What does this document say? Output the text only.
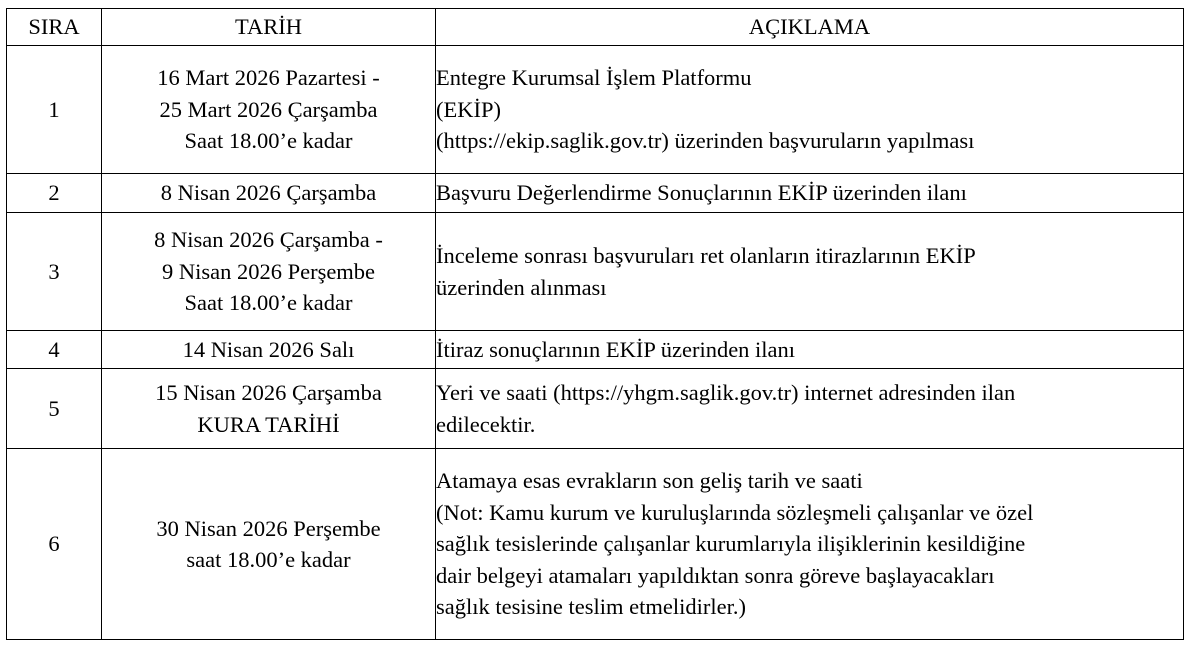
SIRA	TARİH	AÇIKLAMA
1	16 Mart 2026 Pazartesi -
25 Mart 2026 Çarşamba
Saat 18.00’e kadar	Entegre Kurumsal İşlem Platformu
(EKİP)
(https://ekip.saglik.gov.tr) üzerinden başvuruların yapılması

2	8 Nisan 2026 Çarşamba	Başvuru Değerlendirme Sonuçlarının EKİP üzerinden ilanı

3	8 Nisan 2026 Çarşamba -
9 Nisan 2026 Perşembe
Saat 18.00’e kadar	İnceleme sonrası başvuruları ret olanların itirazlarının EKİP
üzerinden alınması

4	14 Nisan 2026 Salı	İtiraz sonuçlarının EKİP üzerinden ilanı

5	15 Nisan 2026 Çarşamba
KURA TARİHİ	Yeri ve saati (https://yhgm.saglik.gov.tr) internet adresinden ilan
edilecektir.

6	30 Nisan 2026 Perşembe
saat 18.00’e kadar	Atamaya esas evrakların son geliş tarih ve saati
(Not: Kamu kurum ve kuruluşlarında sözleşmeli çalışanlar ve özel
sağlık tesislerinde çalışanlar kurumlarıyla ilişiklerinin kesildiğine
dair belgeyi atamaları yapıldıktan sonra göreve başlayacakları
sağlık tesisine teslim etmelidirler.)
